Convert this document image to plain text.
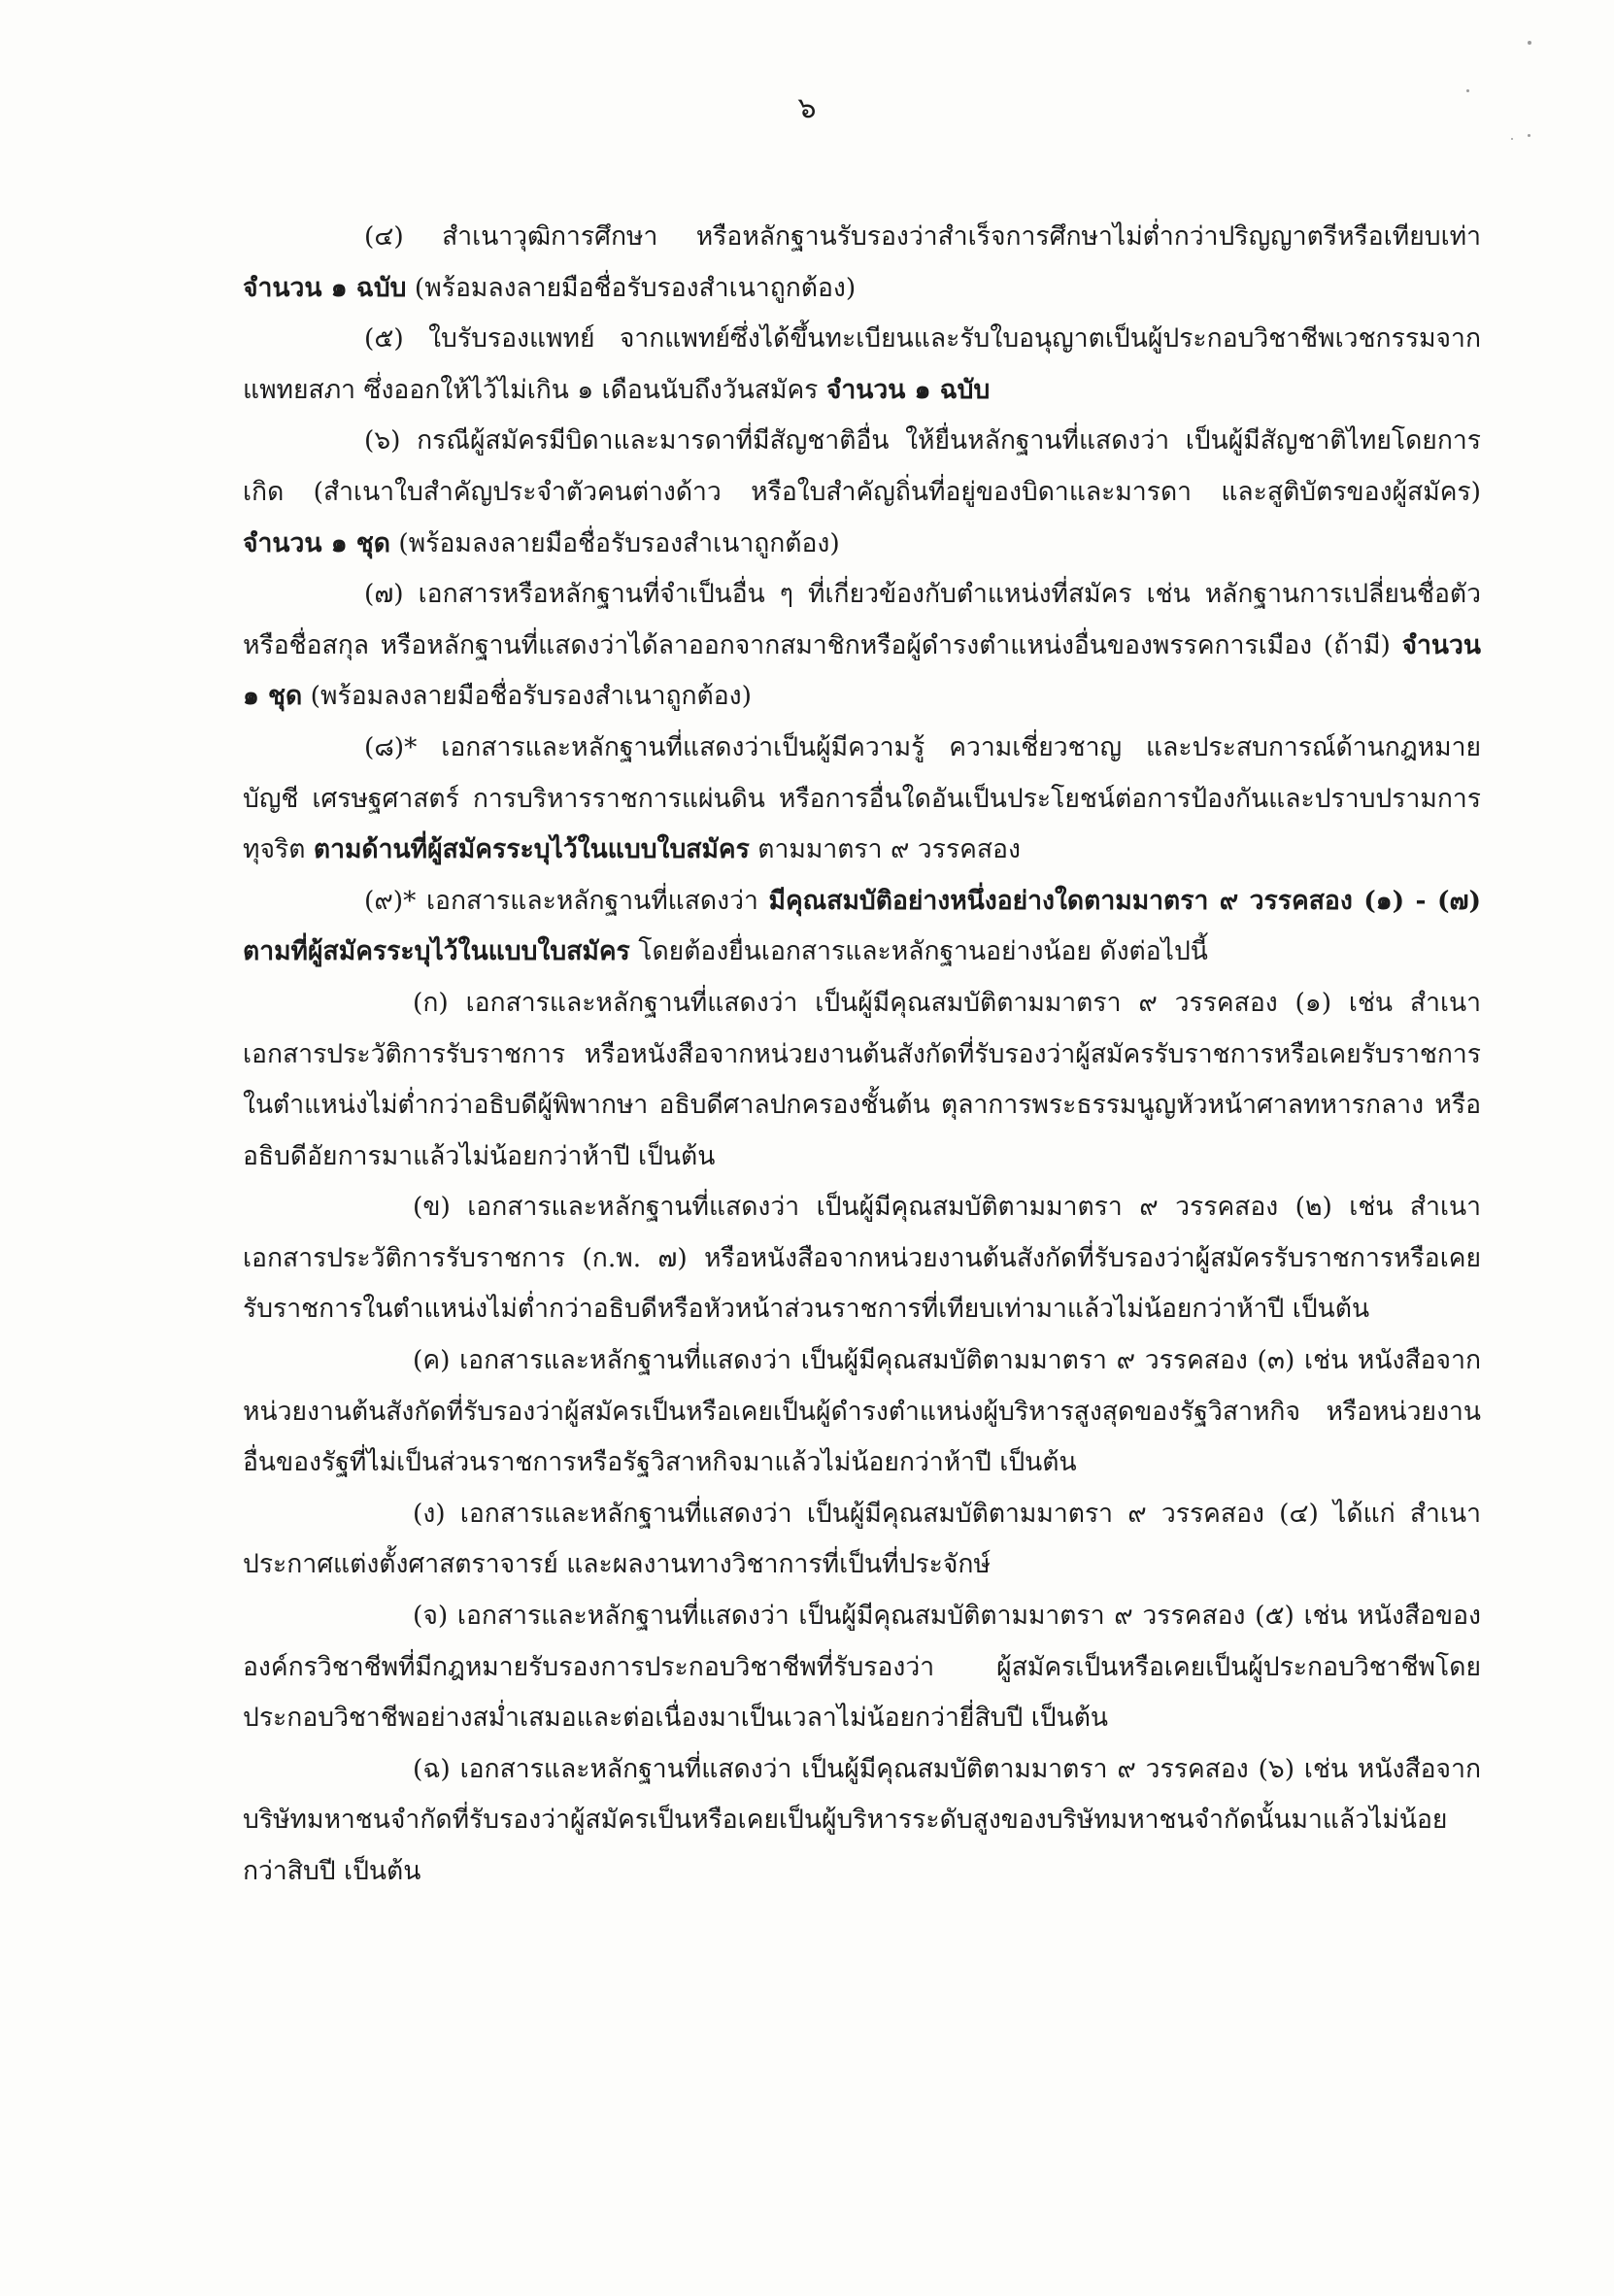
๖

(๔) สำเนาวุฒิการศึกษา หรือหลักฐานรับรองว่าสำเร็จการศึกษาไม่ต่ำกว่าปริญญาตรีหรือเทียบเท่า จำนวน ๑ ฉบับ (พร้อมลงลายมือชื่อรับรองสำเนาถูกต้อง)

(๕) ใบรับรองแพทย์ จากแพทย์ซึ่งได้ขึ้นทะเบียนและรับใบอนุญาตเป็นผู้ประกอบวิชาชีพเวชกรรมจากแพทยสภา ซึ่งออกให้ไว้ไม่เกิน ๑ เดือนนับถึงวันสมัคร จำนวน ๑ ฉบับ

(๖) กรณีผู้สมัครมีบิดาและมารดาที่มีสัญชาติอื่น ให้ยื่นหลักฐานที่แสดงว่า เป็นผู้มีสัญชาติไทยโดยการเกิด (สำเนาใบสำคัญประจำตัวคนต่างด้าว หรือใบสำคัญถิ่นที่อยู่ของบิดาและมารดา และสูติบัตรของผู้สมัคร) จำนวน ๑ ชุด (พร้อมลงลายมือชื่อรับรองสำเนาถูกต้อง)

(๗) เอกสารหรือหลักฐานที่จำเป็นอื่น ๆ ที่เกี่ยวข้องกับตำแหน่งที่สมัคร เช่น หลักฐานการเปลี่ยนชื่อตัวหรือชื่อสกุล หรือหลักฐานที่แสดงว่าได้ลาออกจากสมาชิกหรือผู้ดำรงตำแหน่งอื่นของพรรคการเมือง (ถ้ามี) จำนวน ๑ ชุด (พร้อมลงลายมือชื่อรับรองสำเนาถูกต้อง)

(๘)* เอกสารและหลักฐานที่แสดงว่าเป็นผู้มีความรู้ ความเชี่ยวชาญ และประสบการณ์ด้านกฎหมาย บัญชี เศรษฐศาสตร์ การบริหารราชการแผ่นดิน หรือการอื่นใดอันเป็นประโยชน์ต่อการป้องกันและปราบปรามการทุจริต ตามด้านที่ผู้สมัครระบุไว้ในแบบใบสมัคร ตามมาตรา ๙ วรรคสอง

(๙)* เอกสารและหลักฐานที่แสดงว่า มีคุณสมบัติอย่างหนึ่งอย่างใดตามมาตรา ๙ วรรคสอง (๑) - (๗) ตามที่ผู้สมัครระบุไว้ในแบบใบสมัคร โดยต้องยื่นเอกสารและหลักฐานอย่างน้อย ดังต่อไปนี้

(ก) เอกสารและหลักฐานที่แสดงว่า เป็นผู้มีคุณสมบัติตามมาตรา ๙ วรรคสอง (๑) เช่น สำเนาเอกสารประวัติการรับราชการ หรือหนังสือจากหน่วยงานต้นสังกัดที่รับรองว่าผู้สมัครรับราชการหรือเคยรับราชการในตำแหน่งไม่ต่ำกว่าอธิบดีผู้พิพากษา อธิบดีศาลปกครองชั้นต้น ตุลาการพระธรรมนูญหัวหน้าศาลทหารกลาง หรืออธิบดีอัยการมาแล้วไม่น้อยกว่าห้าปี เป็นต้น

(ข) เอกสารและหลักฐานที่แสดงว่า เป็นผู้มีคุณสมบัติตามมาตรา ๙ วรรคสอง (๒) เช่น สำเนาเอกสารประวัติการรับราชการ (ก.พ. ๗) หรือหนังสือจากหน่วยงานต้นสังกัดที่รับรองว่าผู้สมัครรับราชการหรือเคยรับราชการในตำแหน่งไม่ต่ำกว่าอธิบดีหรือหัวหน้าส่วนราชการที่เทียบเท่ามาแล้วไม่น้อยกว่าห้าปี เป็นต้น

(ค) เอกสารและหลักฐานที่แสดงว่า เป็นผู้มีคุณสมบัติตามมาตรา ๙ วรรคสอง (๓) เช่น หนังสือจากหน่วยงานต้นสังกัดที่รับรองว่าผู้สมัครเป็นหรือเคยเป็นผู้ดำรงตำแหน่งผู้บริหารสูงสุดของรัฐวิสาหกิจ หรือหน่วยงานอื่นของรัฐที่ไม่เป็นส่วนราชการหรือรัฐวิสาหกิจมาแล้วไม่น้อยกว่าห้าปี เป็นต้น

(ง) เอกสารและหลักฐานที่แสดงว่า เป็นผู้มีคุณสมบัติตามมาตรา ๙ วรรคสอง (๔) ได้แก่ สำเนาประกาศแต่งตั้งศาสตราจารย์ และผลงานทางวิชาการที่เป็นที่ประจักษ์

(จ) เอกสารและหลักฐานที่แสดงว่า เป็นผู้มีคุณสมบัติตามมาตรา ๙ วรรคสอง (๕) เช่น หนังสือขององค์กรวิชาชีพที่มีกฎหมายรับรองการประกอบวิชาชีพที่รับรองว่า ผู้สมัครเป็นหรือเคยเป็นผู้ประกอบวิชาชีพโดยประกอบวิชาชีพอย่างสม่ำเสมอและต่อเนื่องมาเป็นเวลาไม่น้อยกว่ายี่สิบปี เป็นต้น

(ฉ) เอกสารและหลักฐานที่แสดงว่า เป็นผู้มีคุณสมบัติตามมาตรา ๙ วรรคสอง (๖) เช่น หนังสือจากบริษัทมหาชนจำกัดที่รับรองว่าผู้สมัครเป็นหรือเคยเป็นผู้บริหารระดับสูงของบริษัทมหาชนจำกัดนั้นมาแล้วไม่น้อยกว่าสิบปี เป็นต้น
